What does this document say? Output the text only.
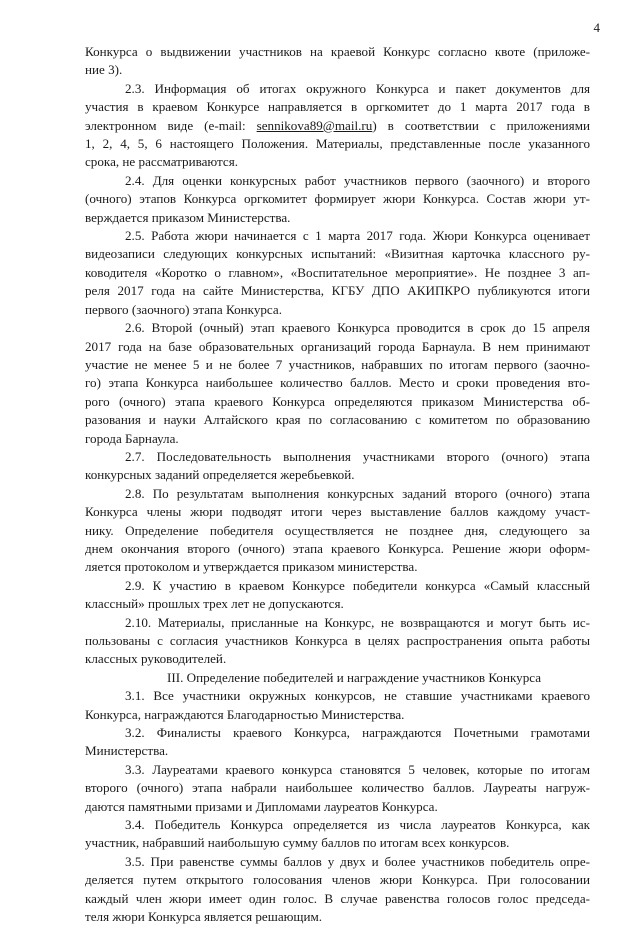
4
Конкурса о выдвижении участников на краевой Конкурс согласно квоте (приложе-
ние 3).
2.3. Информация об итогах окружного Конкурса и пакет документов для
участия в краевом Конкурсе направляется в оргкомитет до 1 марта 2017 года в
электронном виде (e-mail: sennikova89@mail.ru) в соответствии с приложениями
1, 2, 4, 5, 6 настоящего Положения. Материалы, представленные после указанного
срока, не рассматриваются.
2.4. Для оценки конкурсных работ участников первого (заочного) и второго
(очного) этапов Конкурса оргкомитет формирует жюри Конкурса. Состав жюри ут-
верждается приказом Министерства.
2.5. Работа жюри начинается с 1 марта 2017 года. Жюри Конкурса оценивает
видеозаписи следующих конкурсных испытаний: «Визитная карточка классного ру-
ководителя «Коротко о главном», «Воспитательное мероприятие». Не позднее 3 ап-
реля 2017 года на сайте Министерства, КГБУ ДПО АКИПКРО публикуются итоги
первого (заочного) этапа Конкурса.
2.6. Второй (очный) этап краевого Конкурса проводится в срок до 15 апреля
2017 года на базе образовательных организаций города Барнаула. В нем принимают
участие не менее 5 и не более 7 участников, набравших по итогам первого (заочно-
го) этапа Конкурса наибольшее количество баллов. Место и сроки проведения вто-
рого (очного) этапа краевого Конкурса определяются приказом Министерства об-
разования и науки Алтайского края по согласованию с комитетом по образованию
города Барнаула.
2.7. Последовательность выполнения участниками второго (очного) этапа
конкурсных заданий определяется жеребьевкой.
2.8. По результатам выполнения конкурсных заданий второго (очного) этапа
Конкурса члены жюри подводят итоги через выставление баллов каждому участ-
нику. Определение победителя осуществляется не позднее дня, следующего за
днем окончания второго (очного) этапа краевого Конкурса. Решение жюри оформ-
ляется протоколом и утверждается приказом министерства.
2.9. К участию в краевом Конкурсе победители конкурса «Самый классный
классный» прошлых трех лет не допускаются.
2.10. Материалы, присланные на Конкурс, не возвращаются и могут быть ис-
пользованы с согласия участников Конкурса в целях распространения опыта работы
классных руководителей.
III. Определение победителей и награждение участников Конкурса
3.1. Все участники окружных конкурсов, не ставшие участниками краевого
Конкурса, награждаются Благодарностью Министерства.
3.2. Финалисты краевого Конкурса, награждаются Почетными грамотами
Министерства.
3.3. Лауреатами краевого конкурса становятся 5 человек, которые по итогам
второго (очного) этапа набрали наибольшее количество баллов. Лауреаты нагруж-
даются памятными призами и Дипломами лауреатов Конкурса.
3.4. Победитель Конкурса определяется из числа лауреатов Конкурса, как
участник, набравший наибольшую сумму баллов по итогам всех конкурсов.
3.5. При равенстве суммы баллов у двух и более участников победитель опре-
деляется путем открытого голосования членов жюри Конкурса. При голосовании
каждый член жюри имеет один голос. В случае равенства голосов голос председа-
теля жюри Конкурса является решающим.
